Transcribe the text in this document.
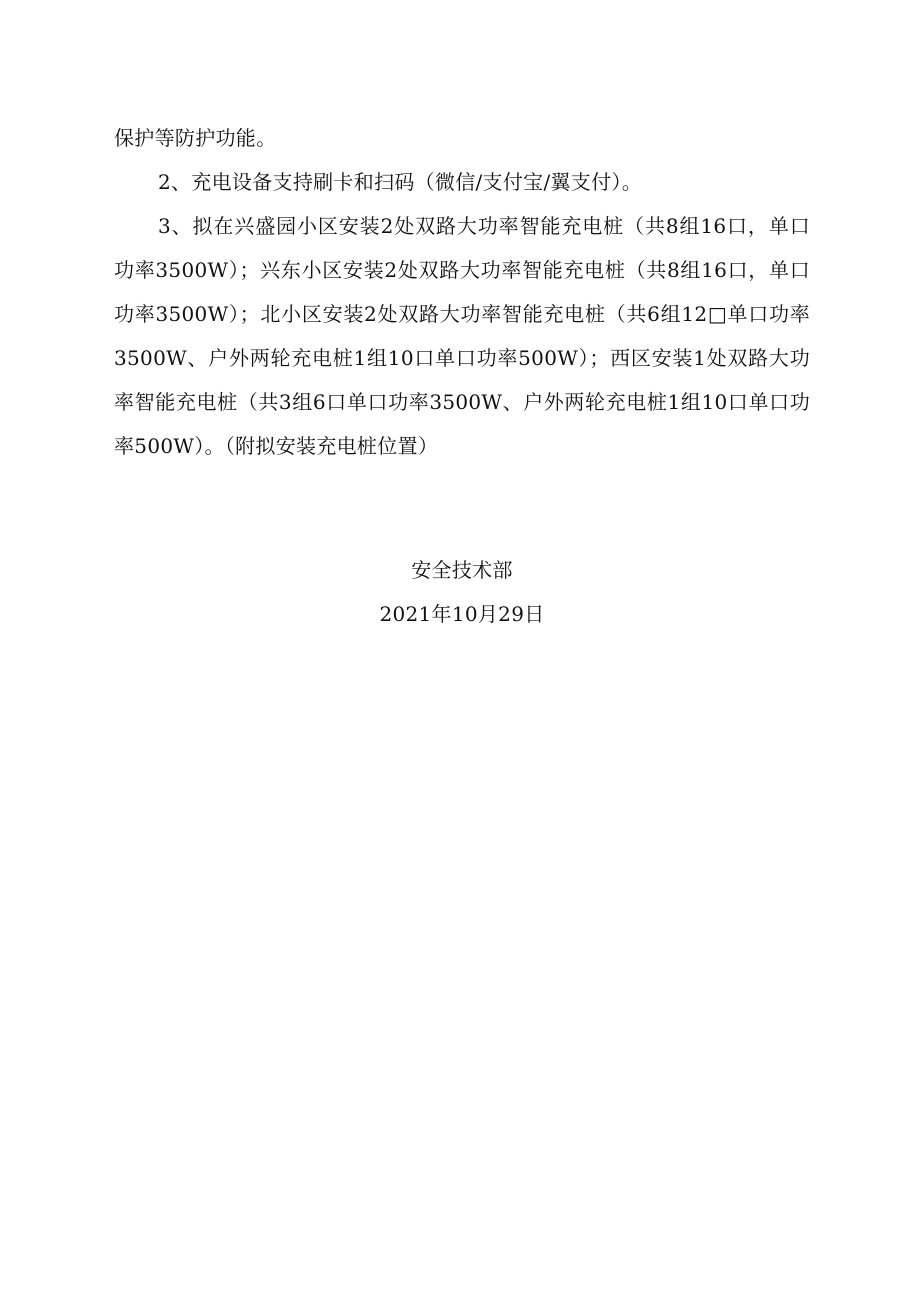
保护等防护功能。

2、充电设备支持刷卡和扫码（微信/支付宝/翼支付）。

3、拟在兴盛园小区安装2处双路大功率智能充电桩（共8组16口，单口功率3500W）；兴东小区安装2处双路大功率智能充电桩（共8组16口，单口功率3500W）；北小区安装2处双路大功率智能充电桩（共6组12□单口功率3500W、户外两轮充电桩1组10口单口功率500W）；西区安装1处双路大功率智能充电桩（共3组6口单口功率3500W、户外两轮充电桩1组10口单口功率500W）。（附拟安装充电桩位置）

安全技术部

2021年10月29日
